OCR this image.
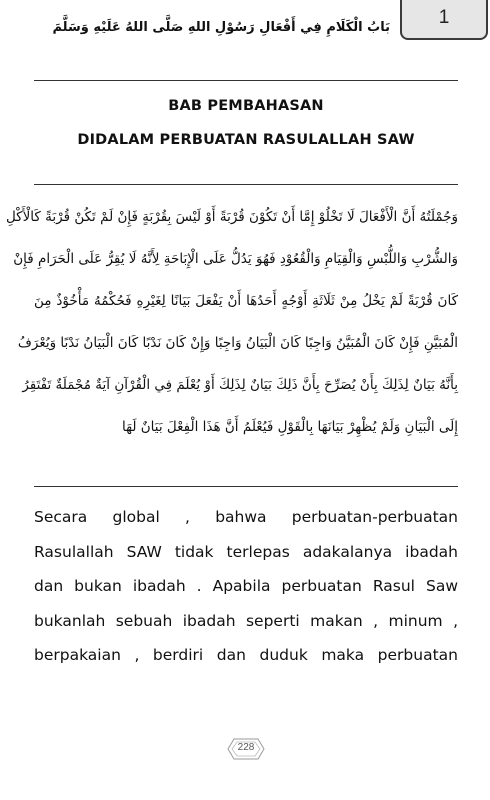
1
بَابُ الْكَلَامِ فِي أَفْعَالِ رَسُوْلِ اللهِ صَلَّى اللهُ عَلَيْهِ وَسَلَّمَ
BAB PEMBAHASAN
DIDALAM PERBUATAN RASULALLAH SAW
وَجُمْلَتُهُ أَنَّ الْأَفْعَالَ لَا تَخْلُوْ إِمَّا أَنْ تَكُوْنَ قُرْبَةً أَوْ لَيْسَ بِقُرْبَةٍ فَإِنْ لَمْ تَكُنْ قُرْبَةً كَالْأَكْلِ
وَالشُّرْبِ وَاللُّبْسِ وَالْقِيَامِ وَالْقُعُوْدِ فَهُوَ يَدُلُّ عَلَى الْإِبَاحَةِ لِأَنَّهُ لَا يُقِرُّ عَلَى الْحَرَامِ فَإِنْ
كَانَ قُرْبَةً لَمْ يَخْلُ مِنْ ثَلَاثَةِ أَوْجُهٍ أَحَدُهَا أَنْ يَفْعَلَ بَيَانًا لِغَيْرِهِ فَحُكْمُهُ مَأْخُوْذٌ مِنَ
الْمُبَيَّنِ فَإِنْ كَانَ الْمُبَيَّنُ وَاجِبًا كَانَ الْبَيَانُ وَاجِبًا وَإِنْ كَانَ نَدْبًا كَانَ الْبَيَانُ نَدْبًا وَيُعْرَفُ
بِأَنَّهُ بَيَانٌ لِذَلِكَ بِأَنْ يُصَرِّحَ بِأَنَّ ذَلِكَ بَيَانٌ لِذَلِكَ أَوْ يُعْلَمَ فِي الْقُرْآنِ آيَةٌ مُجْمَلَةٌ تَفْتَقِرُ
إِلَى الْبَيَانِ وَلَمْ يُظْهِرْ بَيَانَهَا بِالْقَوْلِ فَيُعْلَمُ أَنَّ هَذَا الْفِعْلَ بَيَانٌ لَهَا
Secara global , bahwa perbuatan-perbuatan
Rasulallah SAW tidak terlepas adakalanya ibadah
dan bukan ibadah . Apabila perbuatan Rasul Saw
bukanlah sebuah ibadah seperti makan , minum ,
berpakaian , berdiri dan duduk maka perbuatan
228
